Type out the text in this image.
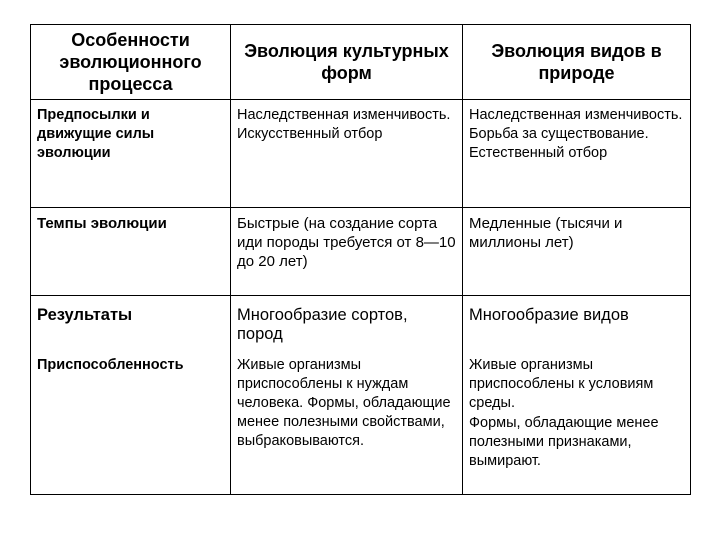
Особенности эволюционного процесса	Эволюция культурных форм	Эволюция видов в природе
Предпосылки и движущие силы эволюции	Наследственная изменчивость. Искусственный отбор	Наследственная изменчивость. Борьба за существование. Естественный отбор
Темпы эволюции	Быстрые (на создание сорта иди породы требуется от 8—10 до 20 лет)	Медленные (тысячи и миллионы лет)
Результаты	Многообразие сортов, пород	Многообразие видов
Приспособленность	Живые организмы приспособлены к нуждам человека. Формы, обладающие менее полезными свойствами, выбраковываются.	Живые организмы приспособлены к условиям среды.
Формы, обладающие менее полезными признаками, вымирают.
